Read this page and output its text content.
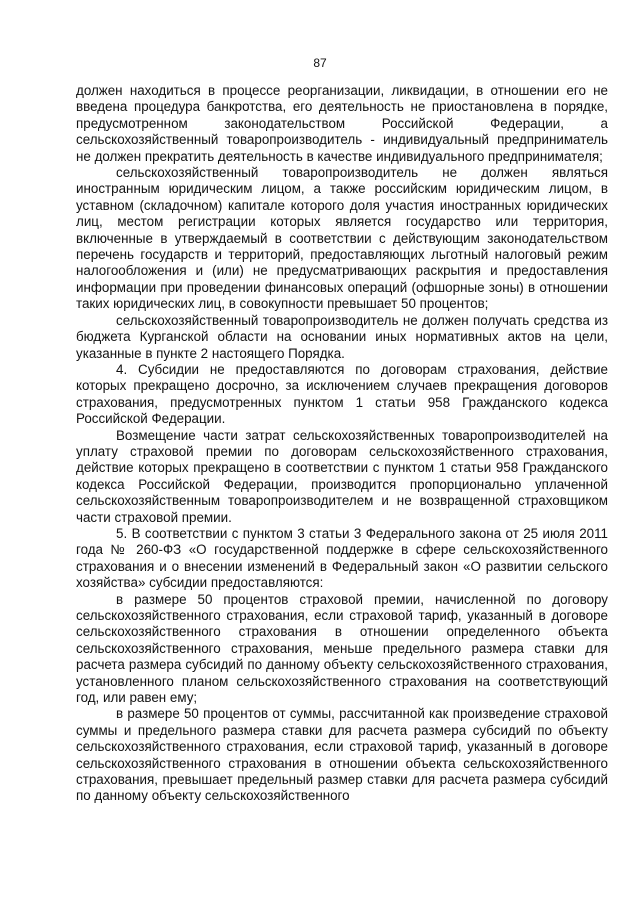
87

должен находиться в процессе реорганизации, ликвидации, в отношении его не введена процедура банкротства, его деятельность не приостановлена в порядке, предусмотренном законодательством Российской Федерации, а сельскохозяйственный товаропроизводитель - индивидуальный предприниматель не должен прекратить деятельность в качестве индивидуального предпринимателя;

сельскохозяйственный товаропроизводитель не должен являться иностранным юридическим лицом, а также российским юридическим лицом, в уставном (складочном) капитале которого доля участия иностранных юридических лиц, местом регистрации которых является государство или территория, включенные в утверждаемый в соответствии с действующим законодательством перечень государств и территорий, предоставляющих льготный налоговый режим налогообложения и (или) не предусматривающих раскрытия и предоставления информации при проведении финансовых операций (офшорные зоны) в отношении таких юридических лиц, в совокупности превышает 50 процентов;

сельскохозяйственный товаропроизводитель не должен получать средства из бюджета Курганской области на основании иных нормативных актов на цели, указанные в пункте 2 настоящего Порядка.

4. Субсидии не предоставляются по договорам страхования, действие которых прекращено досрочно, за исключением случаев прекращения договоров страхования, предусмотренных пунктом 1 статьи 958 Гражданского кодекса Российской Федерации.

Возмещение части затрат сельскохозяйственных товаропроизводителей на уплату страховой премии по договорам сельскохозяйственного страхования, действие которых прекращено в соответствии с пунктом 1 статьи 958 Гражданского кодекса Российской Федерации, производится пропорционально уплаченной сельскохозяйственным товаропроизводителем и не возвращенной страховщиком части страховой премии.

5. В соответствии с пунктом 3 статьи 3 Федерального закона от 25 июля 2011 года № 260-ФЗ «О государственной поддержке в сфере сельскохозяйственного страхования и о внесении изменений в Федеральный закон «О развитии сельского хозяйства» субсидии предоставляются:

в размере 50 процентов страховой премии, начисленной по договору сельскохозяйственного страхования, если страховой тариф, указанный в договоре сельскохозяйственного страхования в отношении определенного объекта сельскохозяйственного страхования, меньше предельного размера ставки для расчета размера субсидий по данному объекту сельскохозяйственного страхования, установленного планом сельскохозяйственного страхования на соответствующий год, или равен ему;

в размере 50 процентов от суммы, рассчитанной как произведение страховой суммы и предельного размера ставки для расчета размера субсидий по объекту сельскохозяйственного страхования, если страховой тариф, указанный в договоре сельскохозяйственного страхования в отношении объекта сельскохозяйственного страхования, превышает предельный размер ставки для расчета размера субсидий по данному объекту сельскохозяйственного
